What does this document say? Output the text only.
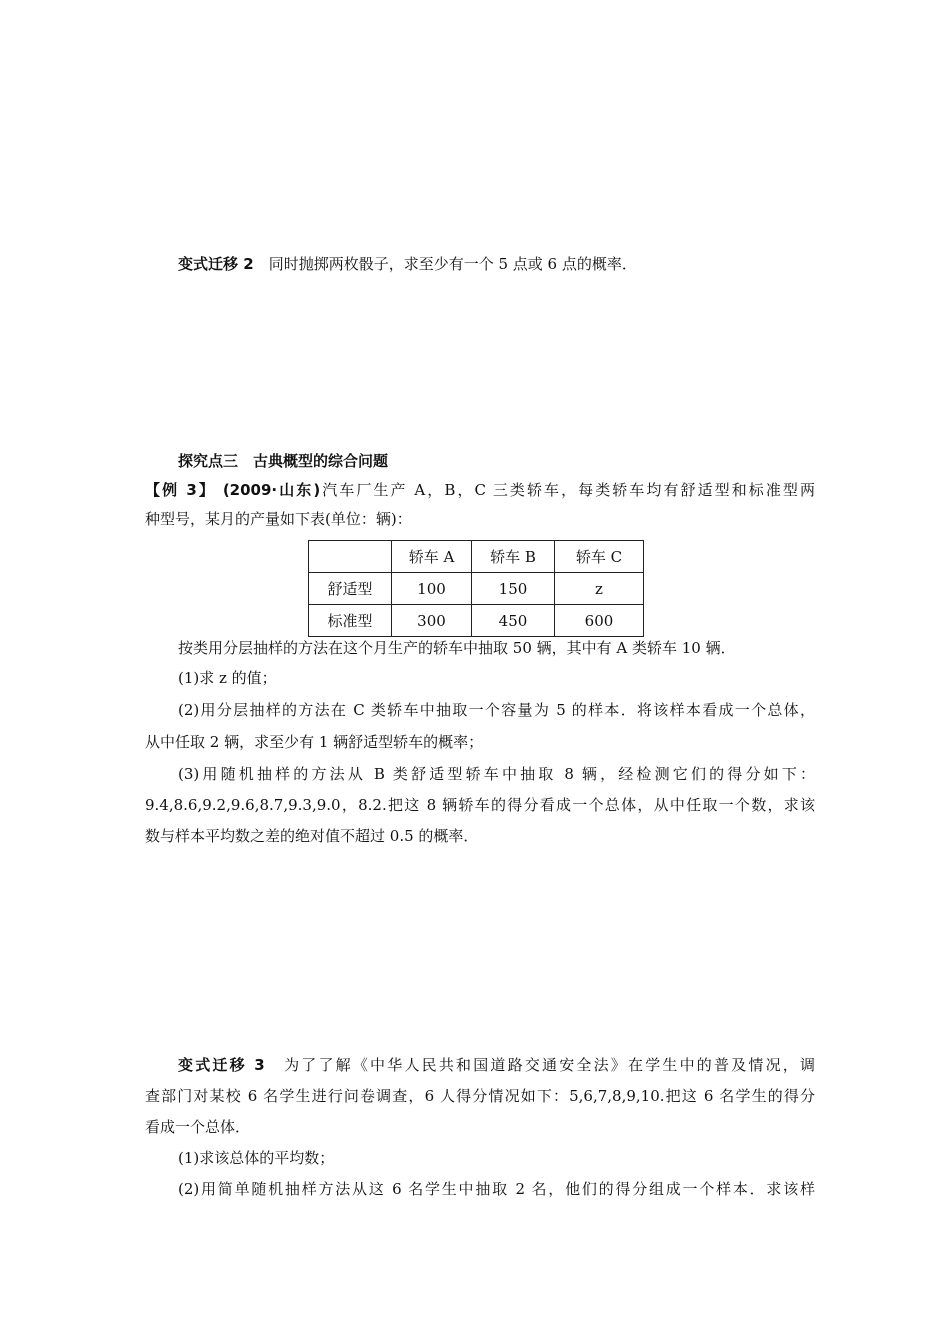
变式迁移 2　 同时抛掷两枚骰子，求至少有一个 5 点或 6 点的概率．
探究点三　古典概型的综合问题
【例 3】 (2009·山东)汽车厂生产 A，B，C 三类轿车，每类轿车均有舒适型和标准型两
种型号，某月的产量如下表(单位：辆)：
	轿车 A	轿车 B	轿车 C
舒适型	100	150	z
标准型	300	450	600
按类用分层抽样的方法在这个月生产的轿车中抽取 50 辆，其中有 A 类轿车 10 辆．
(1)求 z 的值；
(2)用分层抽样的方法在 C 类轿车中抽取一个容量为 5 的样本．将该样本看成一个总体，
从中任取 2 辆，求至少有 1 辆舒适型轿车的概率；
(3)用随机抽样的方法从 B 类舒适型轿车中抽取 8 辆，经检测它们的得分如下：
9.4,8.6,9.2,9.6,8.7,9.3,9.0，8.2.把这 8 辆轿车的得分看成一个总体，从中任取一个数，求该
数与样本平均数之差的绝对值不超过 0.5 的概率．
变式迁移 3　 为了了解《中华人民共和国道路交通安全法》在学生中的普及情况，调
查部门对某校 6 名学生进行问卷调查，6 人得分情况如下：5,6,7,8,9,10.把这 6 名学生的得分
看成一个总体．
(1)求该总体的平均数；
(2)用简单随机抽样方法从这 6 名学生中抽取 2 名，他们的得分组成一个样本．求该样
